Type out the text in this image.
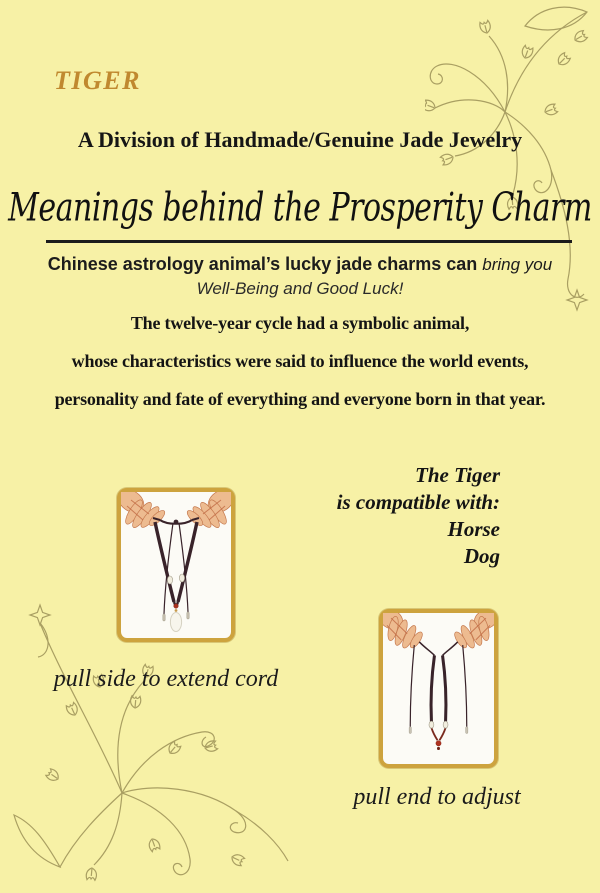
TIGER
A Division of Handmade/Genuine Jade Jewelry
Meanings behind the Prosperity Charm
Chinese astrology animal’s lucky jade charms can bring you
Well-Being and Good Luck!
The twelve-year cycle had a symbolic animal,
whose characteristics were said to influence the world events,
personality and fate of everything and everyone born in that year.
pull side to extend cord
The Tiger
is compatible with:
Horse
Dog
pull end to adjust
